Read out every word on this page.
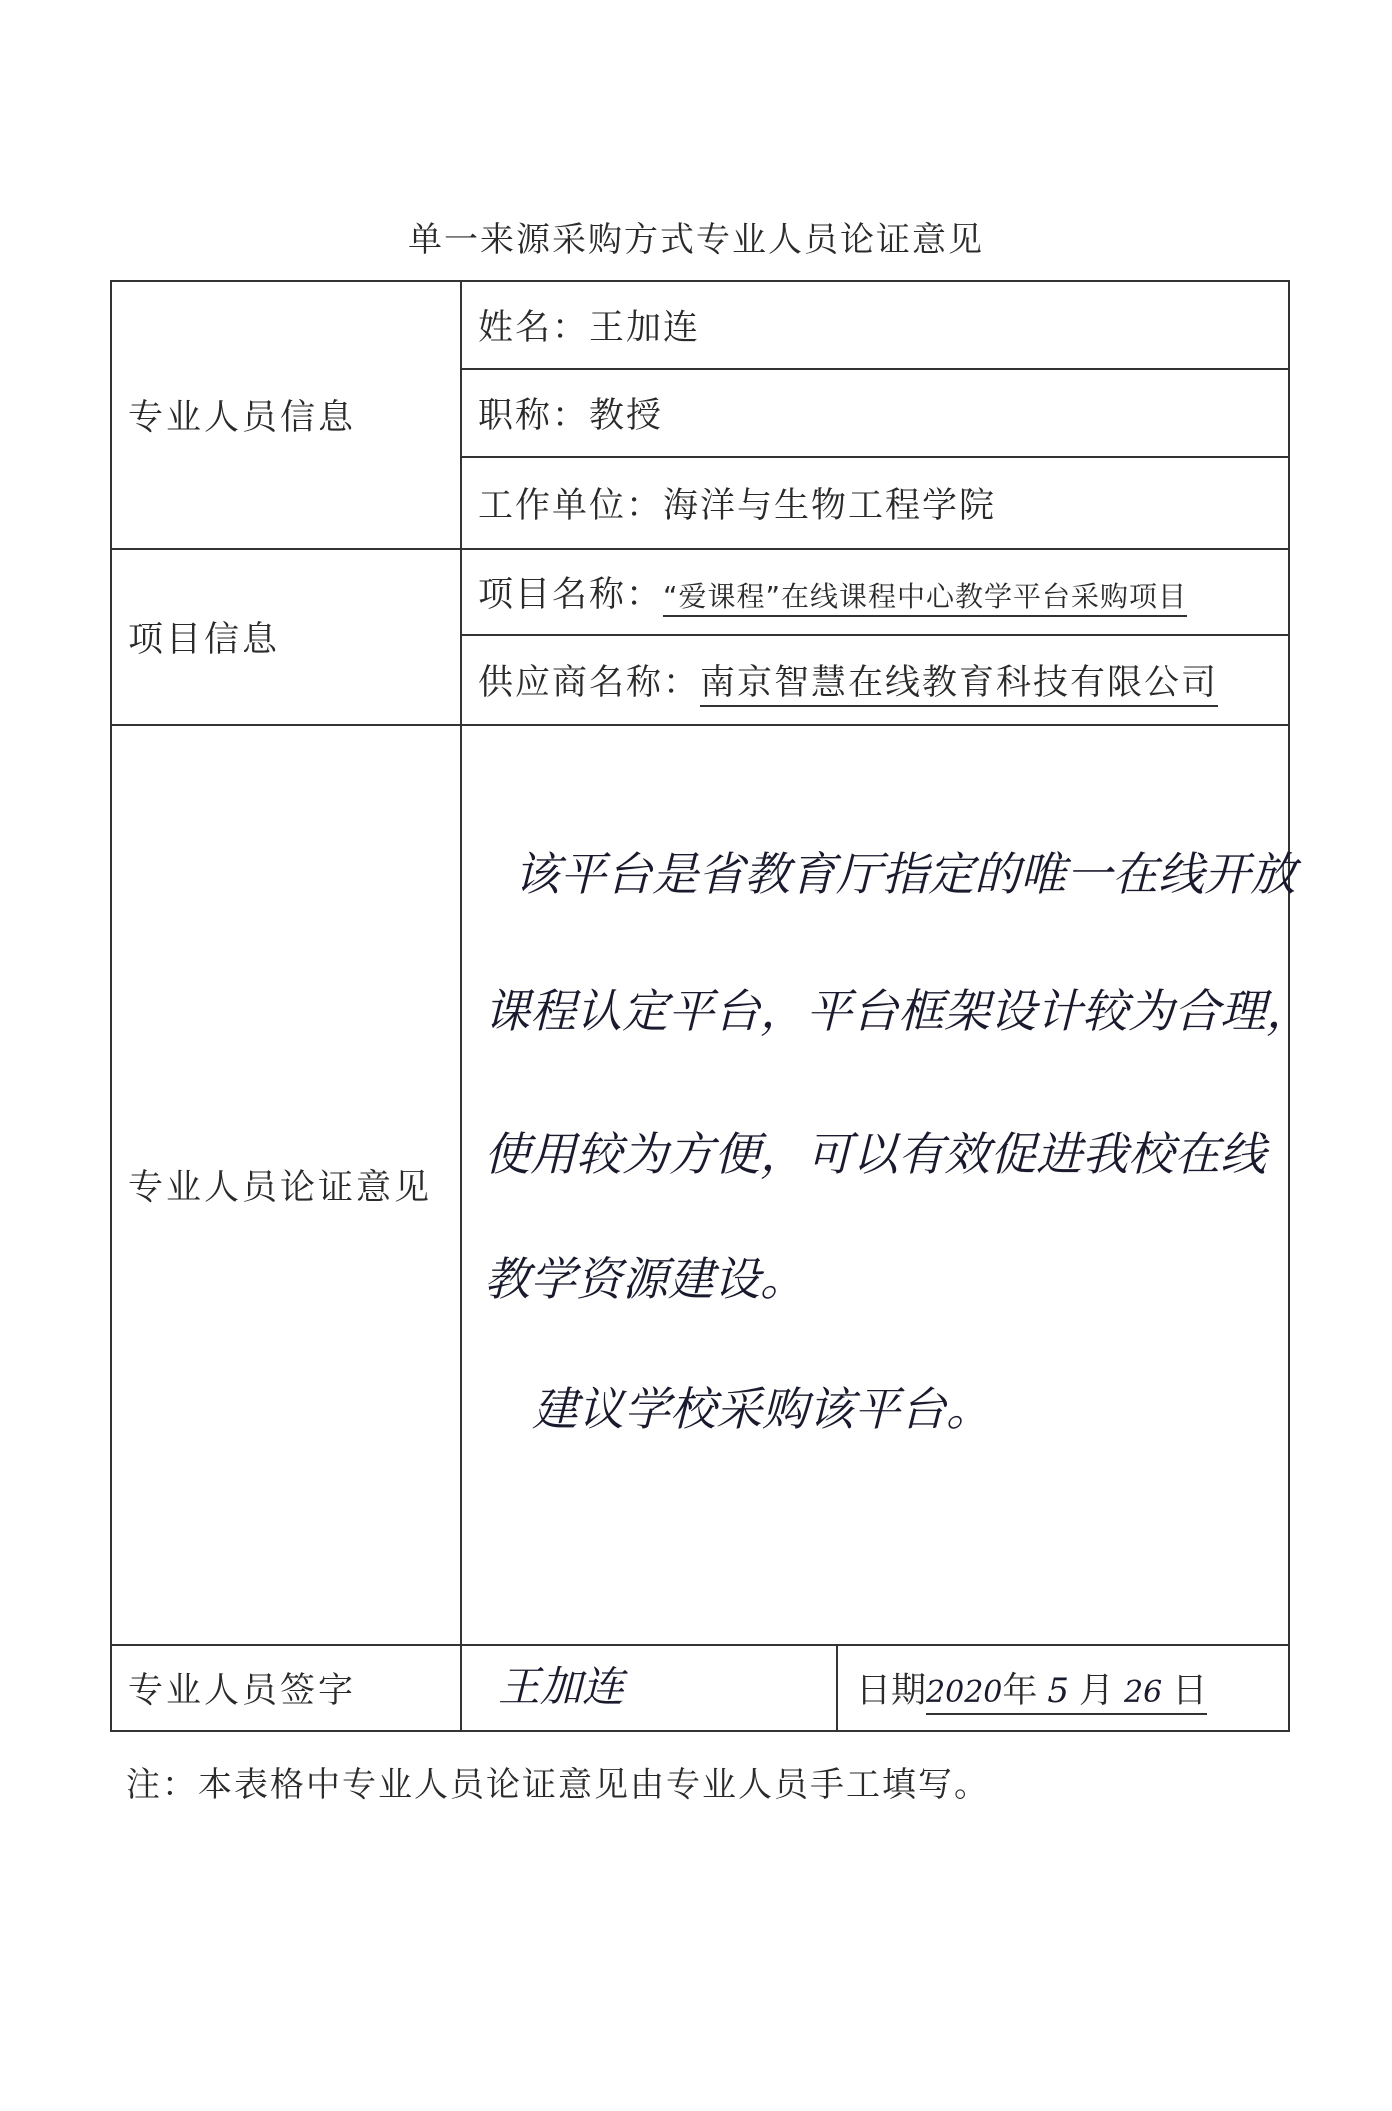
单一来源采购方式专业人员论证意见
专业人员信息	姓名：王加连	
	职称：教授	
	工作单位：海洋与生物工程学院	
项目信息	项目名称：“爱课程”在线课程中心教学平台采购项目	
	供应商名称：南京智慧在线教育科技有限公司	
专业人员论证意见	该平台是省教育厅指定的唯一在线开放
课程认定平台，平台框架设计较为合理，
使用较为方便，可以有效促进我校在线
教学资源建设。
建议学校采购该平台。	

专业人员签字	王加连	日期2020年 5 月 26 日
注：本表格中专业人员论证意见由专业人员手工填写。
